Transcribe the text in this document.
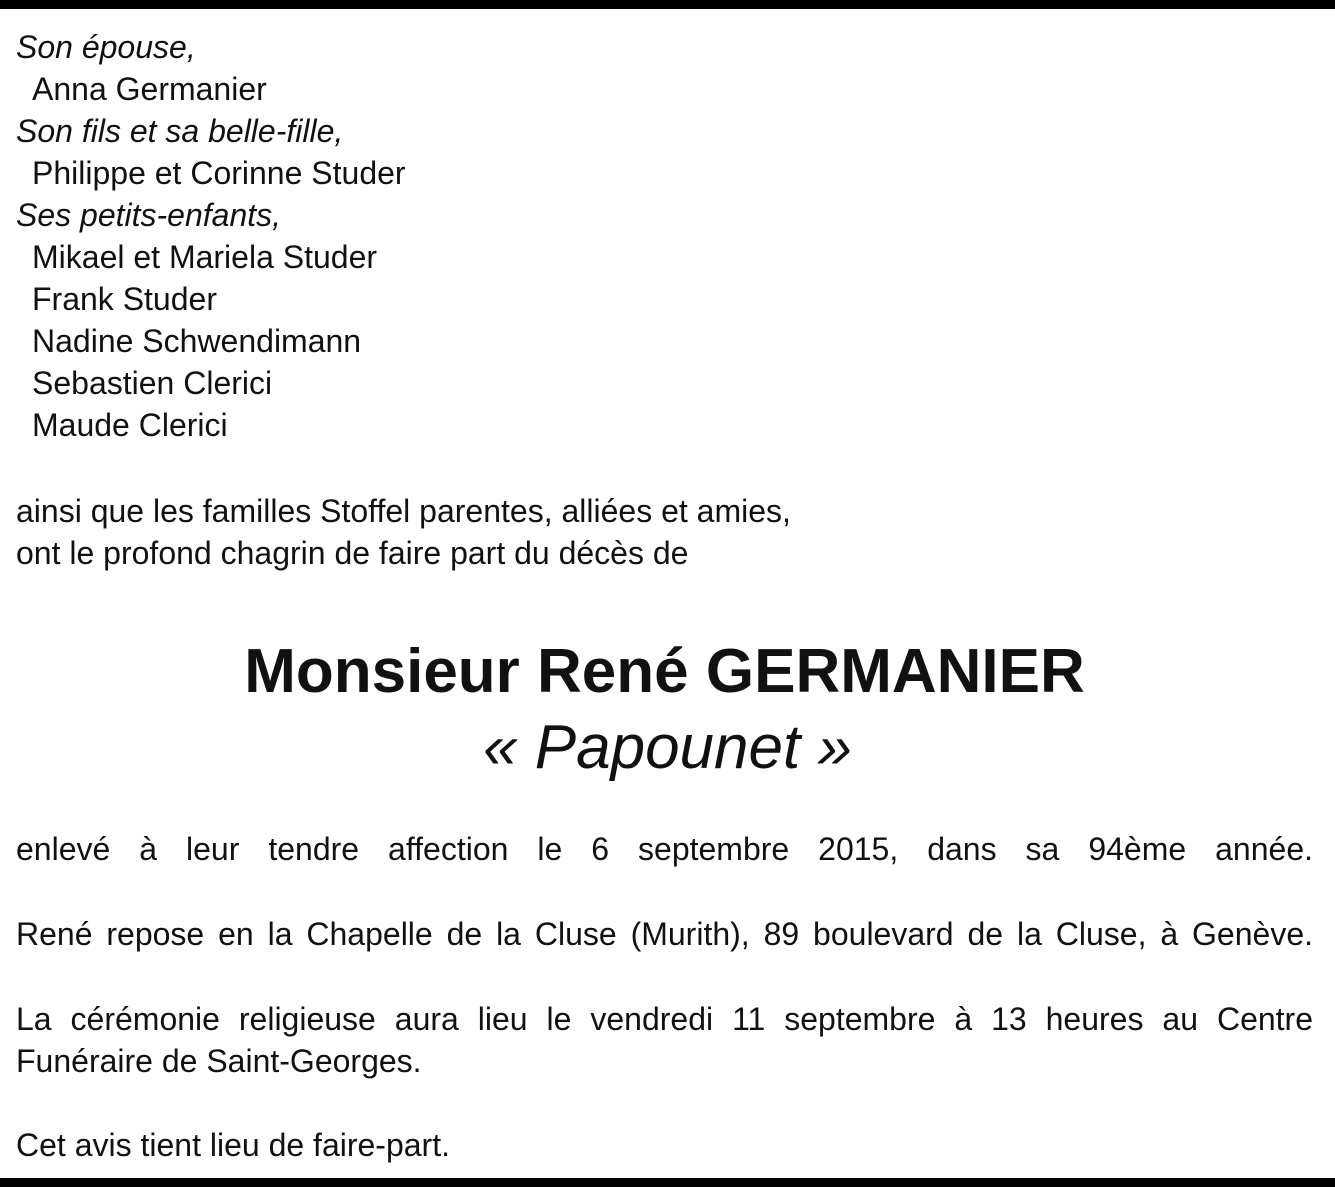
Son épouse,
Anna Germanier
Son fils et sa belle-fille,
Philippe et Corinne Studer
Ses petits-enfants,
Mikael et Mariela Studer
Frank Studer
Nadine Schwendimann
Sebastien Clerici
Maude Clerici
ainsi que les familles Stoffel parentes, alliées et amies,
ont le profond chagrin de faire part du décès de
Monsieur René GERMANIER
« Papounet »
enlevé à leur tendre affection le 6 septembre 2015, dans sa 94ème année.
René repose en la Chapelle de la Cluse (Murith), 89 boulevard de la Cluse, à Genève.
La cérémonie religieuse aura lieu le vendredi 11 septembre à 13 heures au Centre Funéraire de Saint-Georges.
Cet avis tient lieu de faire-part.
